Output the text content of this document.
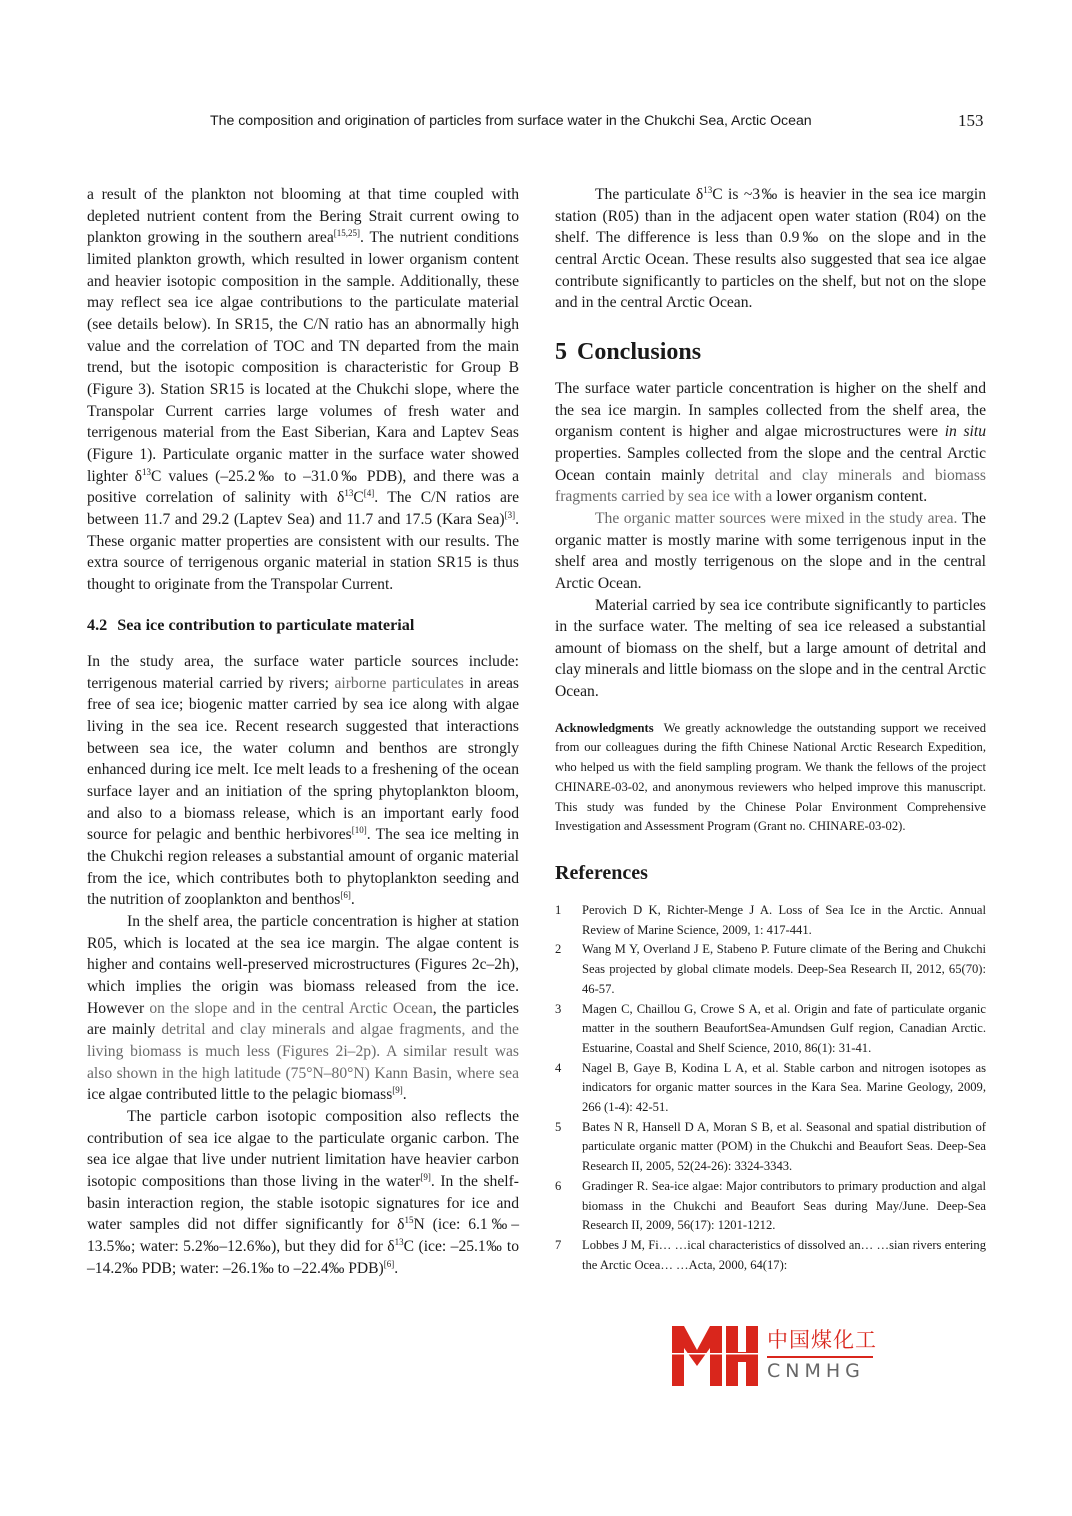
The composition and origination of particles from surface water in the Chukchi Sea, Arctic Ocean	153

a result of the plankton not blooming at that time coupled with depleted nutrient content from the Bering Strait current owing to plankton growing in the southern area[15,25]. The nutrient conditions limited plankton growth, which resulted in lower organism content and heavier isotopic composition in the sample. Additionally, these may reflect sea ice algae contributions to the particulate material (see details below). In SR15, the C/N ratio has an abnormally high value and the correlation of TOC and TN departed from the main trend, but the isotopic composition is characteristic for Group B (Figure 3). Station SR15 is located at the Chukchi slope, where the Transpolar Current carries large volumes of fresh water and terrigenous material from the East Siberian, Kara and Laptev Seas (Figure 1). Particulate organic matter in the surface water showed lighter $\delta^{13}C$ values (–25.2‰ to –31.0‰ PDB), and there was a positive correlation of salinity with $\delta^{13}C[4]$. The C/N ratios are between 11.7 and 29.2 (Laptev Sea) and 11.7 and 17.5 (Kara Sea)[3]. These organic matter properties are consistent with our results. The extra source of terrigenous organic material in station SR15 is thus thought to originate from the Transpolar Current.

4.2 Sea ice contribution to particulate material

In the study area, the surface water particle sources include: terrigenous material carried by rivers; airborne particulates in areas free of sea ice; biogenic matter carried by sea ice along with algae living in the sea ice. Recent research suggested that interactions between sea ice, the water column and benthos are strongly enhanced during ice melt. Ice melt leads to a freshening of the ocean surface layer and an initiation of the spring phytoplankton bloom, and also to a biomass release, which is an important early food source for pelagic and benthic herbivores[10]. The sea ice melting in the Chukchi region releases a substantial amount of organic material from the ice, which contributes both to phytoplankton seeding and the nutrition of zooplankton and benthos[6].

In the shelf area, the particle concentration is higher at station R05, which is located at the sea ice margin. The algae content is higher and contains well-preserved microstructures (Figures 2c–2h), which implies the origin was biomass released from the ice. However on the slope and in the central Arctic Ocean, the particles are mainly detrital and clay minerals and algae fragments, and the living biomass is much less (Figures 2i–2p). A similar result was also shown in the high latitude (75°N–80°N) Kann Basin, where sea ice algae contributed little to the pelagic biomass[9].

The particle carbon isotopic composition also reflects the contribution of sea ice algae to the particulate organic carbon. The sea ice algae that live under nutrient limitation have heavier carbon isotopic compositions than those living in the water[9]. In the shelf-basin interaction region, the stable isotopic signatures for ice and water samples did not differ significantly for $\delta^{15}N$ (ice: 6.1‰–13.5‰; water: 5.2‰–12.6‰), but they did for $\delta^{13}C$ (ice: –25.1‰ to –14.2‰ PDB; water: –26.1‰ to –22.4‰ PDB)[6].

The particulate $\delta^{13}C$ is ~3‰ is heavier in the sea ice margin station (R05) than in the adjacent open water station (R04) on the shelf. The difference is less than 0.9‰ on the slope and in the central Arctic Ocean. These results also suggested that sea ice algae contribute significantly to particles on the shelf, but not on the slope and in the central Arctic Ocean.

5 Conclusions

The surface water particle concentration is higher on the shelf and the sea ice margin. In samples collected from the shelf area, the organism content is higher and algae microstructures were in situ properties. Samples collected from the slope and the central Arctic Ocean contain mainly detrital and clay minerals and biomass fragments carried by sea ice with a lower organism content.

The organic matter sources were mixed in the study area. The organic matter is mostly marine with some terrigenous input in the shelf area and mostly terrigenous on the slope and in the central Arctic Ocean.

Material carried by sea ice contribute significantly to particles in the surface water. The melting of sea ice released a substantial amount of biomass on the shelf, but a large amount of detrital and clay minerals and little biomass on the slope and in the central Arctic Ocean.

Acknowledgments We greatly acknowledge the outstanding support we received from our colleagues during the fifth Chinese National Arctic Research Expedition, who helped us with the field sampling program. We thank the fellows of the project CHINARE-03-02, and anonymous reviewers who helped improve this manuscript. This study was funded by the Chinese Polar Environment Comprehensive Investigation and Assessment Program (Grant no. CHINARE-03-02).

References
1 Perovich D K, Richter-Menge J A. Loss of Sea Ice in the Arctic. Annual Review of Marine Science, 2009, 1: 417-441.
2 Wang M Y, Overland J E, Stabeno P. Future climate of the Bering and Chukchi Seas projected by global climate models. Deep-Sea Research II, 2012, 65(70): 46-57.
3 Magen C, Chaillou G, Crowe S A, et al. Origin and fate of particulate organic matter in the southern BeaufortSea-Amundsen Gulf region, Canadian Arctic. Estuarine, Coastal and Shelf Science, 2010, 86(1): 31-41.
4 Nagel B, Gaye B, Kodina L A, et al. Stable carbon and nitrogen isotopes as indicators for organic matter sources in the Kara Sea. Marine Geology, 2009, 266 (1-4): 42-51.
5 Bates N R, Hansell D A, Moran S B, et al. Seasonal and spatial distribution of particulate organic matter (POM) in the Chukchi and Beaufort Seas. Deep-Sea Research II, 2005, 52(24-26): 3324-3343.
6 Gradinger R. Sea-ice algae: Major contributors to primary production and algal biomass in the Chukchi and Beaufort Seas during May/June. Deep-Sea Research II, 2009, 56(17): 1201-1212.
7 Lobbes J M, Fi… …ical characteristics of dissolved an… …sian rivers entering the Arctic Ocea… …Acta, 2000, 64(17):
中国煤化工
CNMHG
